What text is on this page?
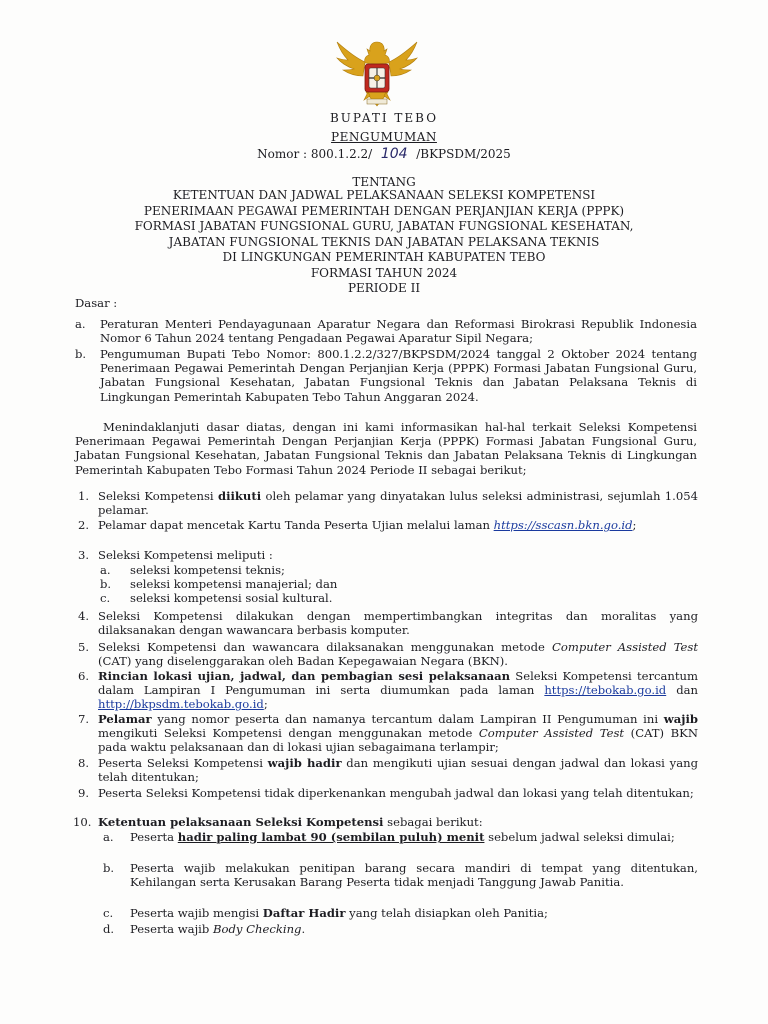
BUPATI TEBO
PENGUMUMAN
Nomor : 800.1.2.2/ 104 /BKPSDM/2025
TENTANG
KETENTUAN DAN JADWAL PELAKSANAAN SELEKSI KOMPETENSI
PENERIMAAN PEGAWAI PEMERINTAH DENGAN PERJANJIAN KERJA (PPPK)
FORMASI JABATAN FUNGSIONAL GURU, JABATAN FUNGSIONAL KESEHATAN,
JABATAN FUNGSIONAL TEKNIS DAN JABATAN PELAKSANA TEKNIS
DI LINGKUNGAN PEMERINTAH KABUPATEN TEBO
FORMASI TAHUN 2024
PERIODE II
Dasar :
a.	Peraturan Menteri Pendayagunaan Aparatur Negara dan Reformasi Birokrasi Republik Indonesia Nomor 6 Tahun 2024 tentang Pengadaan Pegawai Aparatur Sipil Negara;
b.	Pengumuman Bupati Tebo Nomor: 800.1.2.2/327/BKPSDM/2024 tanggal 2 Oktober 2024 tentang Penerimaan Pegawai Pemerintah Dengan Perjanjian Kerja (PPPK) Formasi Jabatan Fungsional Guru, Jabatan Fungsional Kesehatan, Jabatan Fungsional Teknis dan Jabatan Pelaksana Teknis di Lingkungan Pemerintah Kabupaten Tebo Tahun Anggaran 2024.
Menindaklanjuti dasar diatas, dengan ini kami informasikan hal-hal terkait Seleksi Kompetensi Penerimaan Pegawai Pemerintah Dengan Perjanjian Kerja (PPPK) Formasi Jabatan Fungsional Guru, Jabatan Fungsional Kesehatan, Jabatan Fungsional Teknis dan Jabatan Pelaksana Teknis di Lingkungan Pemerintah Kabupaten Tebo Formasi Tahun 2024 Periode II sebagai berikut;
1. Seleksi Kompetensi diikuti oleh pelamar yang dinyatakan lulus seleksi administrasi, sejumlah 1.054 pelamar.
2. Pelamar dapat mencetak Kartu Tanda Peserta Ujian melalui laman https://sscasn.bkn.go.id;
3. Seleksi Kompetensi meliputi :
a. seleksi kompetensi teknis;
b. seleksi kompetensi manajerial; dan
c. seleksi kompetensi sosial kultural.
4. Seleksi Kompetensi dilakukan dengan mempertimbangkan integritas dan moralitas yang dilaksanakan dengan wawancara berbasis komputer.
5. Seleksi Kompetensi dan wawancara dilaksanakan menggunakan metode Computer Assisted Test (CAT) yang diselenggarakan oleh Badan Kepegawaian Negara (BKN).
6. Rincian lokasi ujian, jadwal, dan pembagian sesi pelaksanaan Seleksi Kompetensi tercantum dalam Lampiran I Pengumuman ini serta diumumkan pada laman https://tebokab.go.id dan http://bkpsdm.tebokab.go.id;
7. Pelamar yang nomor peserta dan namanya tercantum dalam Lampiran II Pengumuman ini wajib mengikuti Seleksi Kompetensi dengan menggunakan metode Computer Assisted Test (CAT) BKN pada waktu pelaksanaan dan di lokasi ujian sebagaimana terlampir;
8. Peserta Seleksi Kompetensi wajib hadir dan mengikuti ujian sesuai dengan jadwal dan lokasi yang telah ditentukan;
9. Peserta Seleksi Kompetensi tidak diperkenankan mengubah jadwal dan lokasi yang telah ditentukan;
10. Ketentuan pelaksanaan Seleksi Kompetensi sebagai berikut:
a. Peserta hadir paling lambat 90 (sembilan puluh) menit sebelum jadwal seleksi dimulai;
b. Peserta wajib melakukan penitipan barang secara mandiri di tempat yang ditentukan, Kehilangan serta Kerusakan Barang Peserta tidak menjadi Tanggung Jawab Panitia.
c. Peserta wajib mengisi Daftar Hadir yang telah disiapkan oleh Panitia;
d. Peserta wajib Body Checking.
